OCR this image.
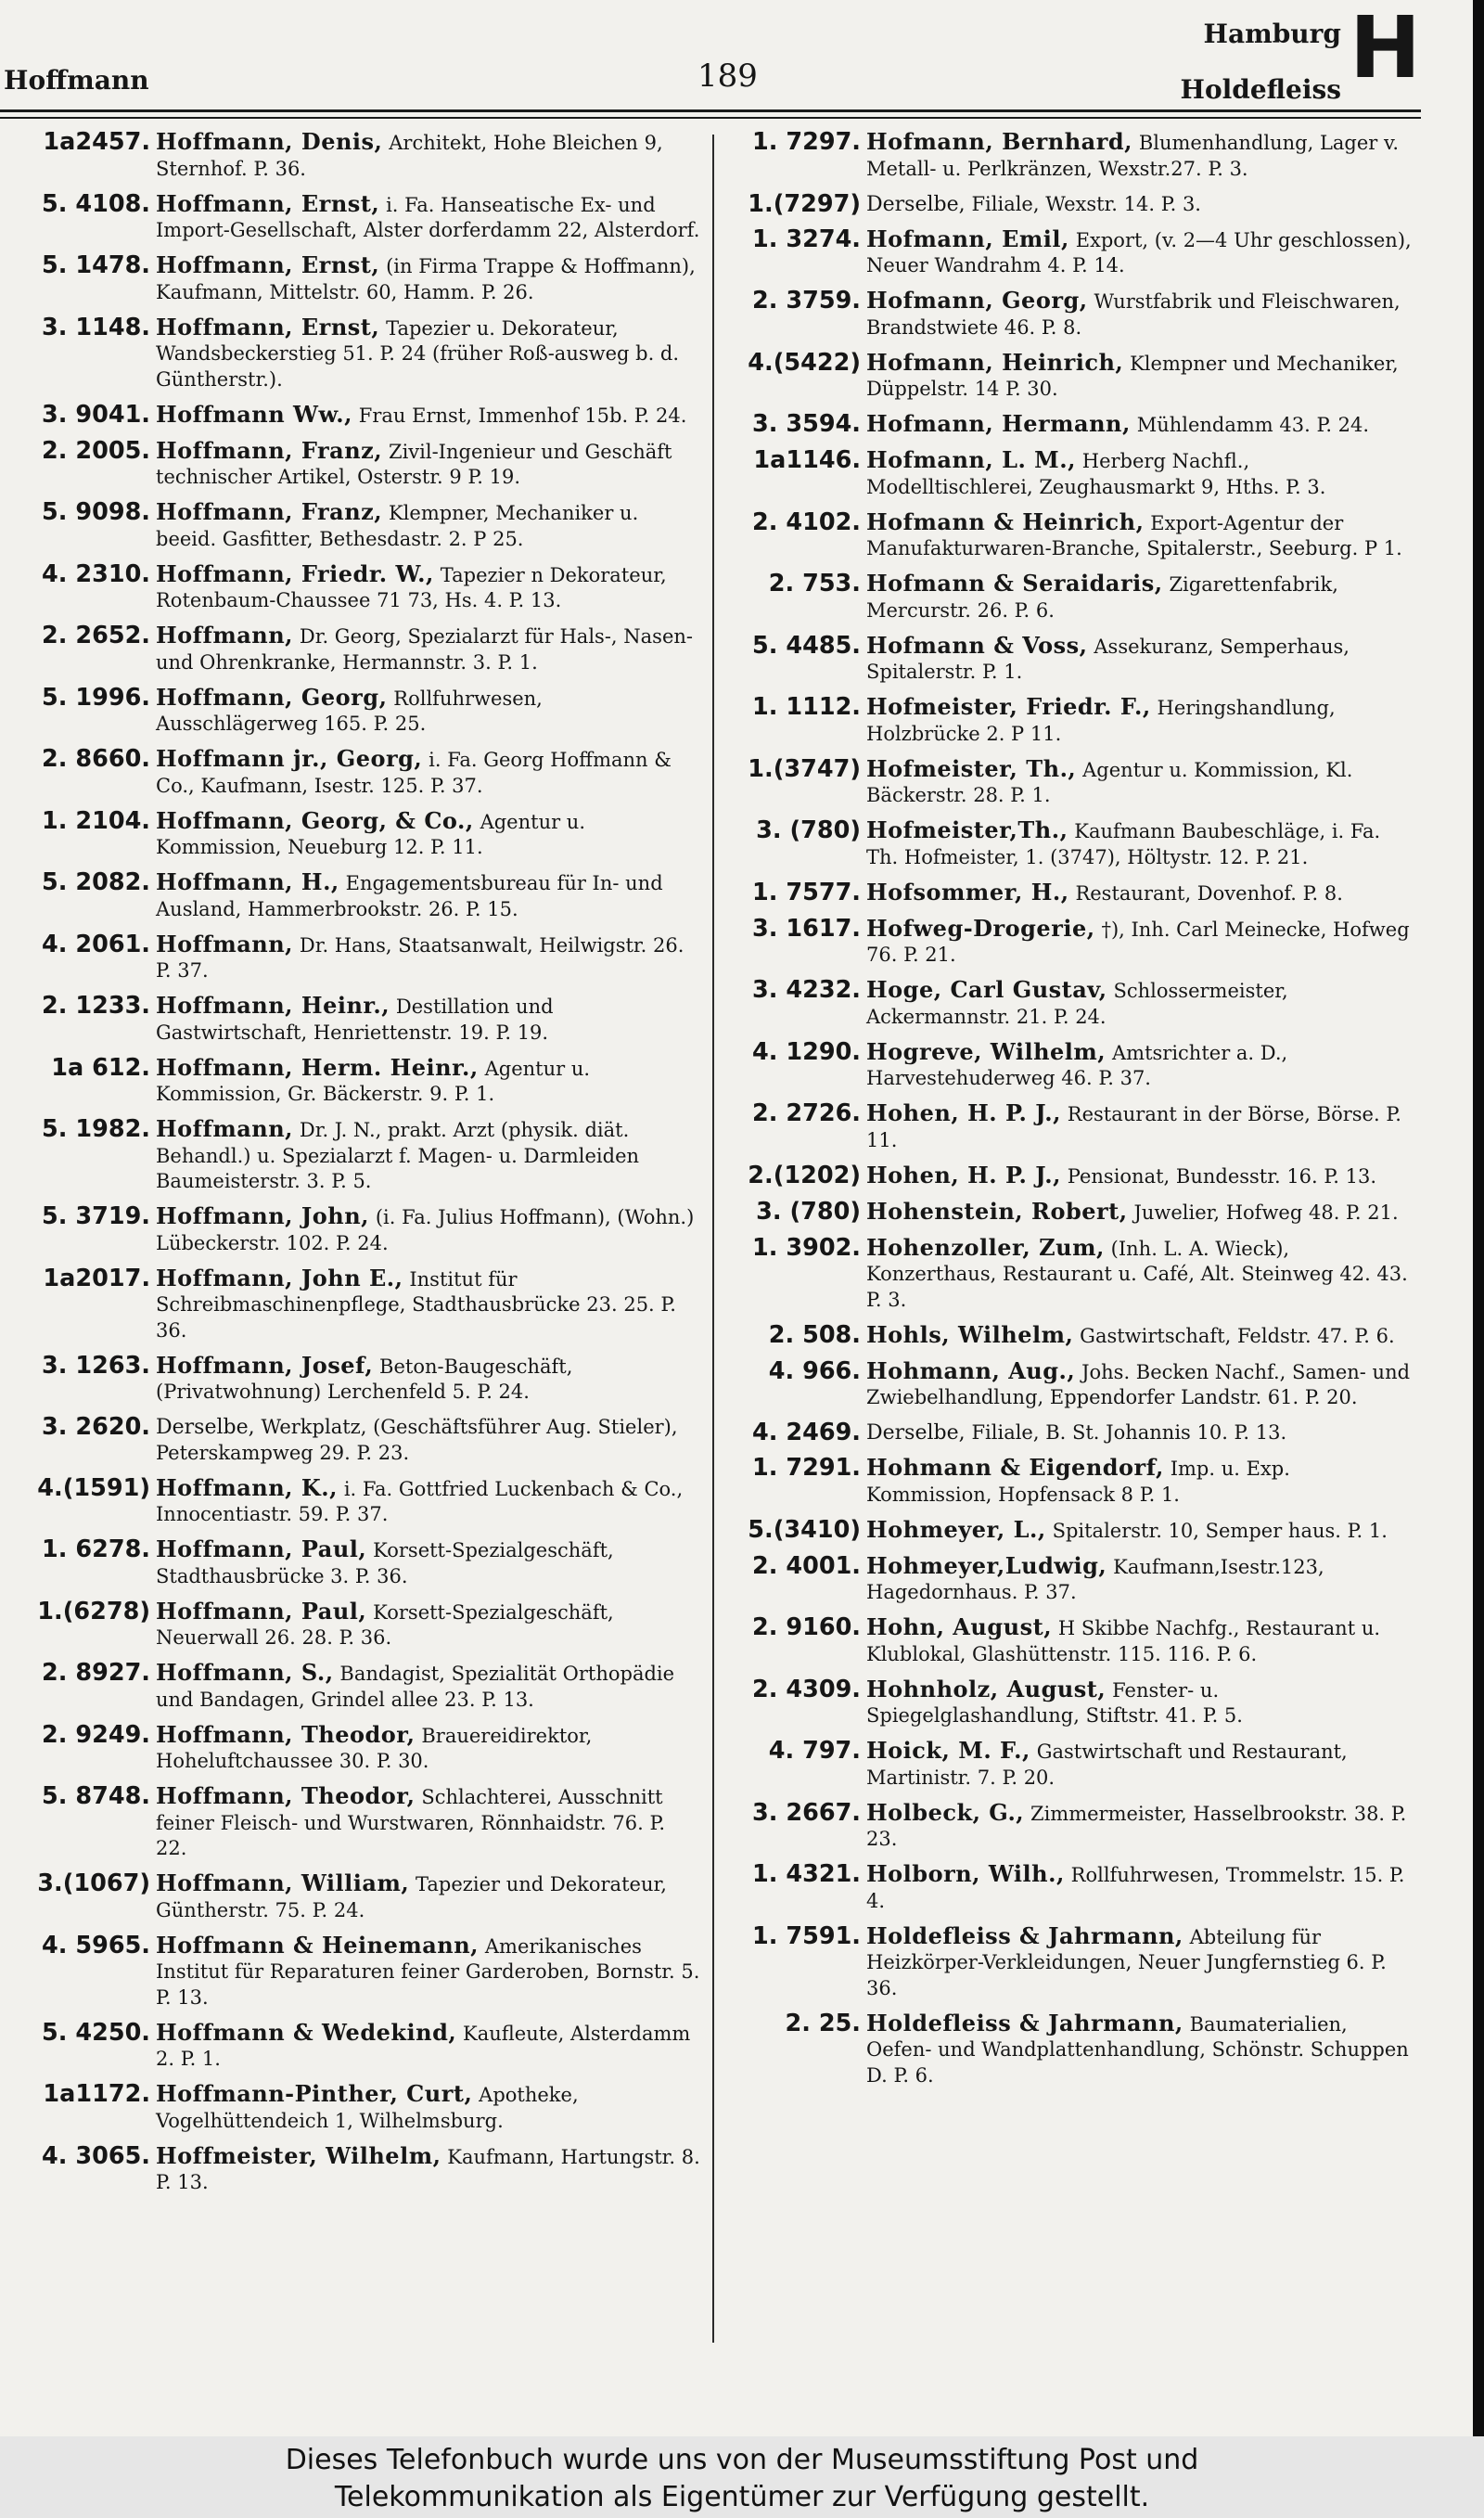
Hoffmann	189
Hamburg
Holdefleiss H
1a2457. Hoffmann, Denis, Architekt, Hohe Bleichen 9, Sternhof. P. 36.
5. 4108. Hoffmann, Ernst, i. Fa. Hanseatische Ex- und Import-Gesellschaft, Alster dorferdamm 22, Alsterdorf.
5. 1478. Hoffmann, Ernst, (in Firma Trappe & Hoffmann), Kaufmann, Mittelstr. 60, Hamm. P. 26.
3. 1148. Hoffmann, Ernst, Tapezier u. Dekorateur, Wandsbeckerstieg 51. P. 24 (früher Roß-ausweg b. d. Güntherstr.).
3. 9041. Hoffmann Ww., Frau Ernst, Immenhof 15b. P. 24.
2. 2005. Hoffmann, Franz, Zivil-Ingenieur und Geschäft technischer Artikel, Osterstr. 9 P. 19.
5. 9098. Hoffmann, Franz, Klempner, Mechaniker u. beeid. Gasfitter, Bethesdastr. 2. P 25.
4. 2310. Hoffmann, Friedr. W., Tapezier n Dekorateur, Rotenbaum-Chaussee 71 73, Hs. 4. P. 13.
2. 2652. Hoffmann, Dr. Georg, Spezialarzt für Hals-, Nasen- und Ohrenkranke, Hermannstr. 3. P. 1.
5. 1996. Hoffmann, Georg, Rollfuhrwesen, Ausschlägerweg 165. P. 25.
2. 8660. Hoffmann jr., Georg, i. Fa. Georg Hoffmann & Co., Kaufmann, Isestr. 125. P. 37.
1. 2104. Hoffmann, Georg, & Co., Agentur u. Kommission, Neueburg 12. P. 11.
5. 2082. Hoffmann, H., Engagementsbureau für In- und Ausland, Hammerbrookstr. 26. P. 15.
4. 2061. Hoffmann, Dr. Hans, Staatsanwalt, Heilwigstr. 26. P. 37.
2. 1233. Hoffmann, Heinr., Destillation und Gastwirtschaft, Henriettenstr. 19. P. 19.
1a 612. Hoffmann, Herm. Heinr., Agentur u. Kommission, Gr. Bäckerstr. 9. P. 1.
5. 1982. Hoffmann, Dr. J. N., prakt. Arzt (physik. diät. Behandl.) u. Spezialarzt f. Magen- u. Darmleiden Baumeisterstr. 3. P. 5.
5. 3719. Hoffmann, John, (i. Fa. Julius Hoffmann), (Wohn.) Lübeckerstr. 102. P. 24.
1a2017. Hoffmann, John E., Institut für Schreibmaschinenpflege, Stadthausbrücke 23. 25. P. 36.
3. 1263. Hoffmann, Josef, Beton-Baugeschäft, (Privatwohnung) Lerchenfeld 5. P. 24.
3. 2620. Derselbe, Werkplatz, (Geschäftsführer Aug. Stieler), Peterskampweg 29. P. 23.
4.(1591) Hoffmann, K., i. Fa. Gottfried Luckenbach & Co., Innocentiastr. 59. P. 37.
1. 6278. Hoffmann, Paul, Korsett-Spezialgeschäft, Stadthausbrücke 3. P. 36.
1.(6278) Hoffmann, Paul, Korsett-Spezialgeschäft, Neuerwall 26. 28. P. 36.
2. 8927. Hoffmann, S., Bandagist, Spezialität Orthopädie und Bandagen, Grindel allee 23. P. 13.
2. 9249. Hoffmann, Theodor, Brauereidirektor, Hoheluftchaussee 30. P. 30.
5. 8748. Hoffmann, Theodor, Schlachterei, Ausschnitt feiner Fleisch- und Wurstwaren, Rönnhaidstr. 76. P. 22.
3.(1067) Hoffmann, William, Tapezier und Dekorateur, Güntherstr. 75. P. 24.
4. 5965. Hoffmann & Heinemann, Amerikanisches Institut für Reparaturen feiner Garderoben, Bornstr. 5. P. 13.
5. 4250. Hoffmann & Wedekind, Kaufleute, Alsterdamm 2. P. 1.
1a1172. Hoffmann-Pinther, Curt, Apotheke, Vogelhüttendeich 1, Wilhelmsburg.
4. 3065. Hoffmeister, Wilhelm, Kaufmann, Hartungstr. 8. P. 13.
1. 7297. Hofmann, Bernhard, Blumenhandlung, Lager v. Metall- u. Perlkränzen, Wexstr.27. P. 3.
1.(7297) Derselbe, Filiale, Wexstr. 14. P. 3.
1. 3274. Hofmann, Emil, Export, (v. 2—4 Uhr geschlossen), Neuer Wandrahm 4. P. 14.
2. 3759. Hofmann, Georg, Wurstfabrik und Fleischwaren, Brandstwiete 46. P. 8.
4.(5422) Hofmann, Heinrich, Klempner und Mechaniker, Düppelstr. 14 P. 30.
3. 3594. Hofmann, Hermann, Mühlendamm 43. P. 24.
1a1146. Hofmann, L. M., Herberg Nachfl., Modelltischlerei, Zeughausmarkt 9, Hths. P. 3.
2. 4102. Hofmann & Heinrich, Export-Agentur der Manufakturwaren-Branche, Spitalerstr., Seeburg. P 1.
2. 753. Hofmann & Seraidaris, Zigarettenfabrik, Mercurstr. 26. P. 6.
5. 4485. Hofmann & Voss, Assekuranz, Semperhaus, Spitalerstr. P. 1.
1. 1112. Hofmeister, Friedr. F., Heringshandlung, Holzbrücke 2. P 11.
1.(3747) Hofmeister, Th., Agentur u. Kommission, Kl. Bäckerstr. 28. P. 1.
3. (780) Hofmeister,Th., Kaufmann Baubeschläge, i. Fa. Th. Hofmeister, 1. (3747), Höltystr. 12. P. 21.
1. 7577. Hofsommer, H., Restaurant, Dovenhof. P. 8.
3. 1617. Hofweg-Drogerie, †), Inh. Carl Meinecke, Hofweg 76. P. 21.
3. 4232. Hoge, Carl Gustav, Schlossermeister, Ackermannstr. 21. P. 24.
4. 1290. Hogreve, Wilhelm, Amtsrichter a. D., Harvestehuderweg 46. P. 37.
2. 2726. Hohen, H. P. J., Restaurant in der Börse, Börse. P. 11.
2.(1202) Hohen, H. P. J., Pensionat, Bundesstr. 16. P. 13.
3. (780) Hohenstein, Robert, Juwelier, Hofweg 48. P. 21.
1. 3902. Hohenzoller, Zum, (Inh. L. A. Wieck), Konzerthaus, Restaurant u. Café, Alt. Steinweg 42. 43. P. 3.
2. 508. Hohls, Wilhelm, Gastwirtschaft, Feldstr. 47. P. 6.
4. 966. Hohmann, Aug., Johs. Becken Nachf., Samen- und Zwiebelhandlung, Eppendorfer Landstr. 61. P. 20.
4. 2469. Derselbe, Filiale, B. St. Johannis 10. P. 13.
1. 7291. Hohmann & Eigendorf, Imp. u. Exp. Kommission, Hopfensack 8 P. 1.
5.(3410) Hohmeyer, L., Spitalerstr. 10, Semper haus. P. 1.
2. 4001. Hohmeyer,Ludwig, Kaufmann,Isestr.123, Hagedornhaus. P. 37.
2. 9160. Hohn, August, H Skibbe Nachfg., Restaurant u. Klublokal, Glashüttenstr. 115. 116. P. 6.
2. 4309. Hohnholz, August, Fenster- u. Spiegelglashandlung, Stiftstr. 41. P. 5.
4. 797. Hoick, M. F., Gastwirtschaft und Restaurant, Martinistr. 7. P. 20.
3. 2667. Holbeck, G., Zimmermeister, Hasselbrookstr. 38. P. 23.
1. 4321. Holborn, Wilh., Rollfuhrwesen, Trommelstr. 15. P. 4.
1. 7591. Holdefleiss & Jahrmann, Abteilung für Heizkörper-Verkleidungen, Neuer Jungfernstieg 6. P. 36.
2. 25. Holdefleiss & Jahrmann, Baumaterialien, Oefen- und Wandplattenhandlung, Schönstr. Schuppen D. P. 6.
Dieses Telefonbuch wurde uns von der Museumsstiftung Post und
Telekommunikation als Eigentümer zur Verfügung gestellt.
